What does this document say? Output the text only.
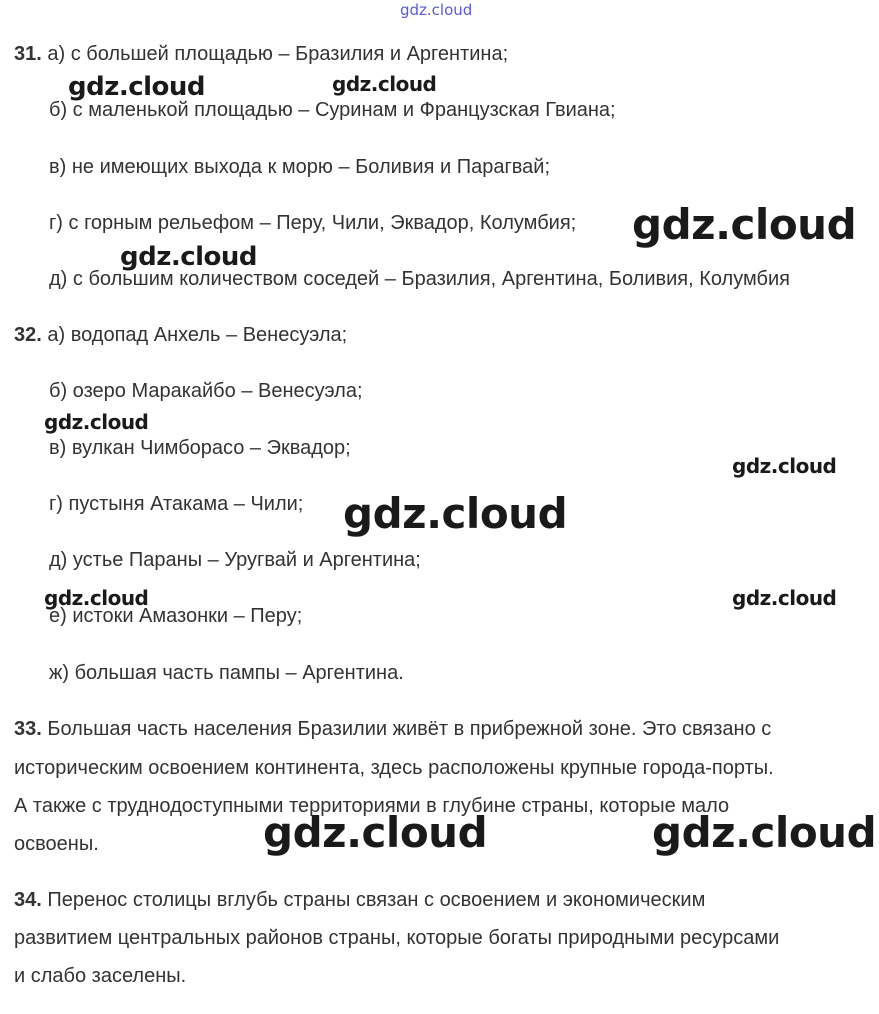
gdz.cloud
31. а) с большей площадью – Бразилия и Аргентина;
б) с маленькой площадью – Суринам и Французская Гвиана;
в) не имеющих выхода к морю – Боливия и Парагвай;
г) с горным рельефом – Перу, Чили, Эквадор, Колумбия;
д) с большим количеством соседей – Бразилия, Аргентина, Боливия, Колумбия
32. а) водопад Анхель – Венесуэла;
б) озеро Маракайбо – Венесуэла;
в) вулкан Чимборасо – Эквадор;
г) пустыня Атакама – Чили;
д) устье Параны – Уругвай и Аргентина;
е) истоки Амазонки – Перу;
ж) большая часть пампы – Аргентина.
33. Большая часть населения Бразилии живёт в прибрежной зоне. Это связано с
историческим освоением континента, здесь расположены крупные города-порты.
А также с труднодоступными территориями в глубине страны, которые мало
освоены.
34. Перенос столицы вглубь страны связан с освоением и экономическим
развитием центральных районов страны, которые богаты природными ресурсами
и слабо заселены.
gdz.cloud	gdz.cloud
gdz.cloud
gdz.cloud
gdz.cloud
gdz.cloud
gdz.cloud
gdz.cloud	gdz.cloud
gdz.cloud	gdz.cloud
